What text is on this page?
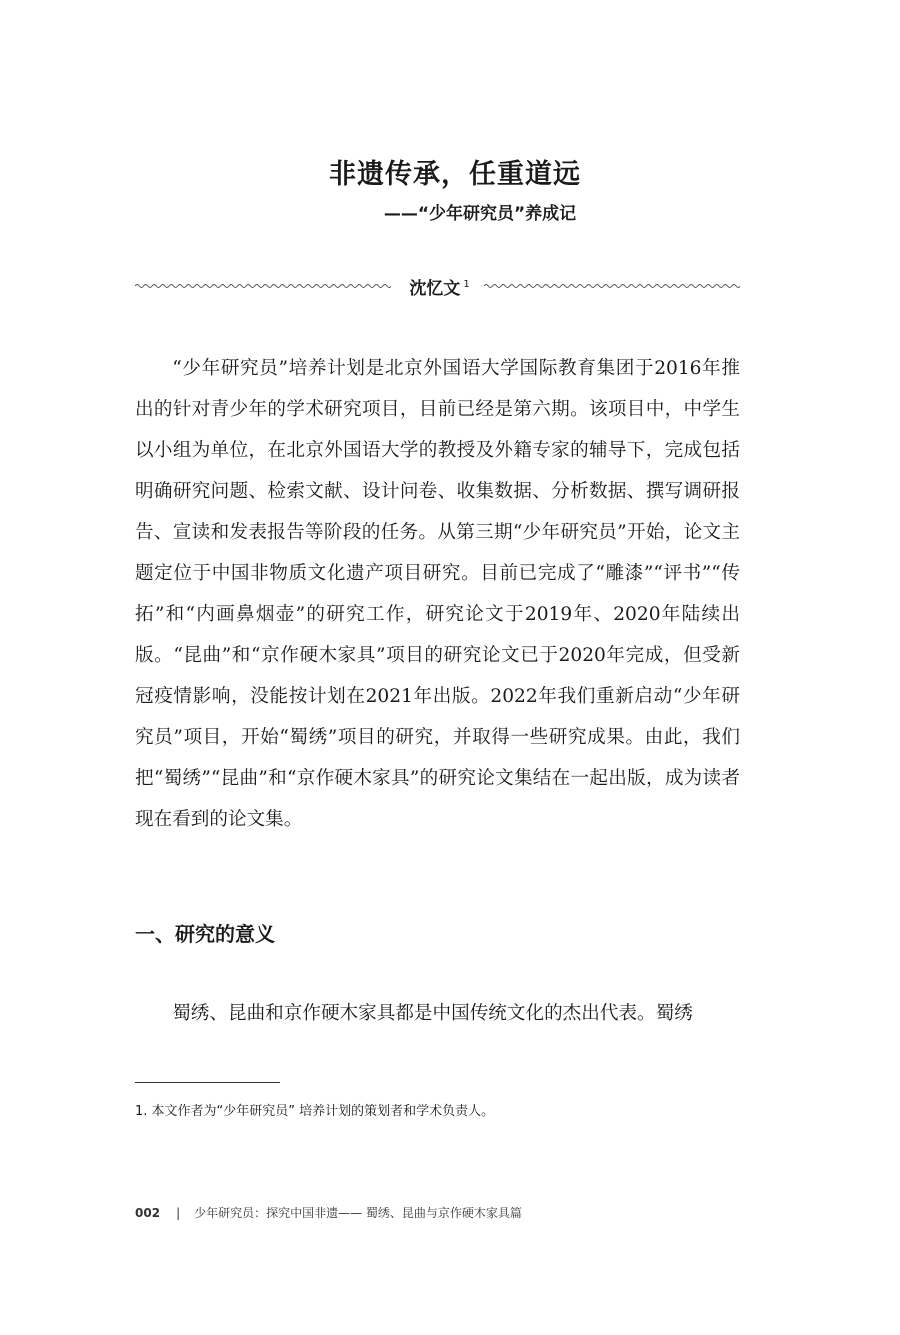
非遗传承，任重道远
——“少年研究员”养成记
沈忆文 $^1$

“少年研究员”培养计划是北京外国语大学国际教育集团于2016年推出的针对青少年的学术研究项目，目前已经是第六期。该项目中，中学生以小组为单位，在北京外国语大学的教授及外籍专家的辅导下，完成包括明确研究问题、检索文献、设计问卷、收集数据、分析数据、撰写调研报告、宣读和发表报告等阶段的任务。从第三期“少年研究员”开始，论文主题定位于中国非物质文化遗产项目研究。目前已完成了“雕漆”“评书”“传拓”和“内画鼻烟壶”的研究工作，研究论文于2019年、2020年陆续出版。“昆曲”和“京作硬木家具”项目的研究论文已于2020年完成，但受新冠疫情影响，没能按计划在2021年出版。2022年我们重新启动“少年研究员”项目，开始“蜀绣”项目的研究，并取得一些研究成果。由此，我们把“蜀绣”“昆曲”和“京作硬木家具”的研究论文集结在一起出版，成为读者现在看到的论文集。

一、研究的意义

蜀绣、昆曲和京作硬木家具都是中国传统文化的杰出代表。蜀绣

1. 本文作者为“少年研究员” 培养计划的策划者和学术负责人。
002 | 少年研究员：探究中国非遗—— 蜀绣、昆曲与京作硬木家具篇
